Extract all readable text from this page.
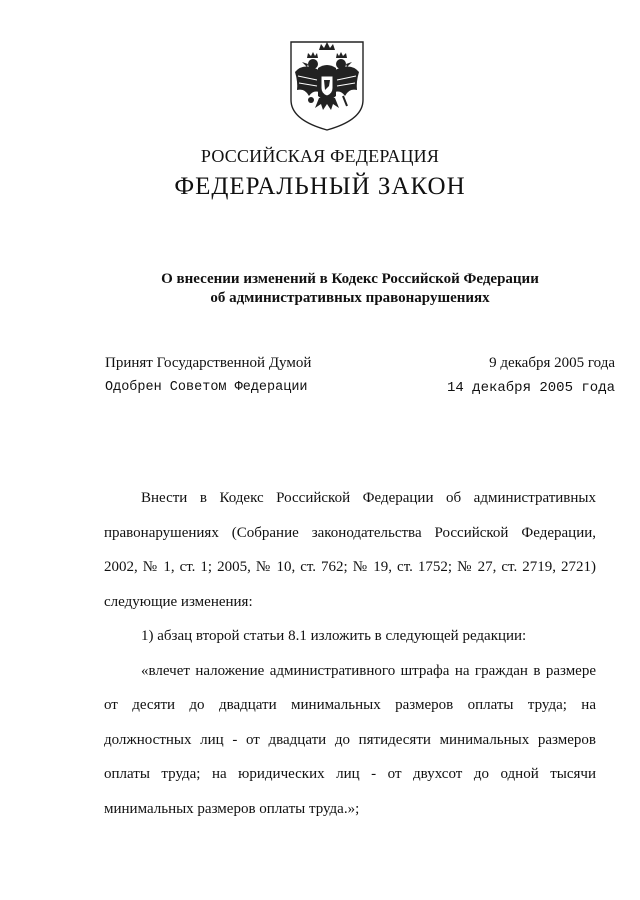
РОССИЙСКАЯ ФЕДЕРАЦИЯ
ФЕДЕРАЛЬНЫЙ ЗАКОН
О внесении изменений в Кодекс Российской Федерации
об административных правонарушениях
Принят Государственной Думой	9 декабря 2005 года
Одобрен Советом Федерации	14 декабря 2005 года

Внести в Кодекс Российской Федерации об административных правонарушениях (Собрание законодательства Российской Федерации, 2002, № 1, ст. 1; 2005, № 10, ст. 762; № 19, ст. 1752; № 27, ст. 2719, 2721) следующие изменения:

1) абзац второй статьи 8.1 изложить в следующей редакции:

«влечет наложение административного штрафа на граждан в размере от десяти до двадцати минимальных размеров оплаты труда; на должностных лиц - от двадцати до пятидесяти минимальных размеров оплаты труда; на юридических лиц - от двухсот до одной тысячи минимальных размеров оплаты труда.»;
